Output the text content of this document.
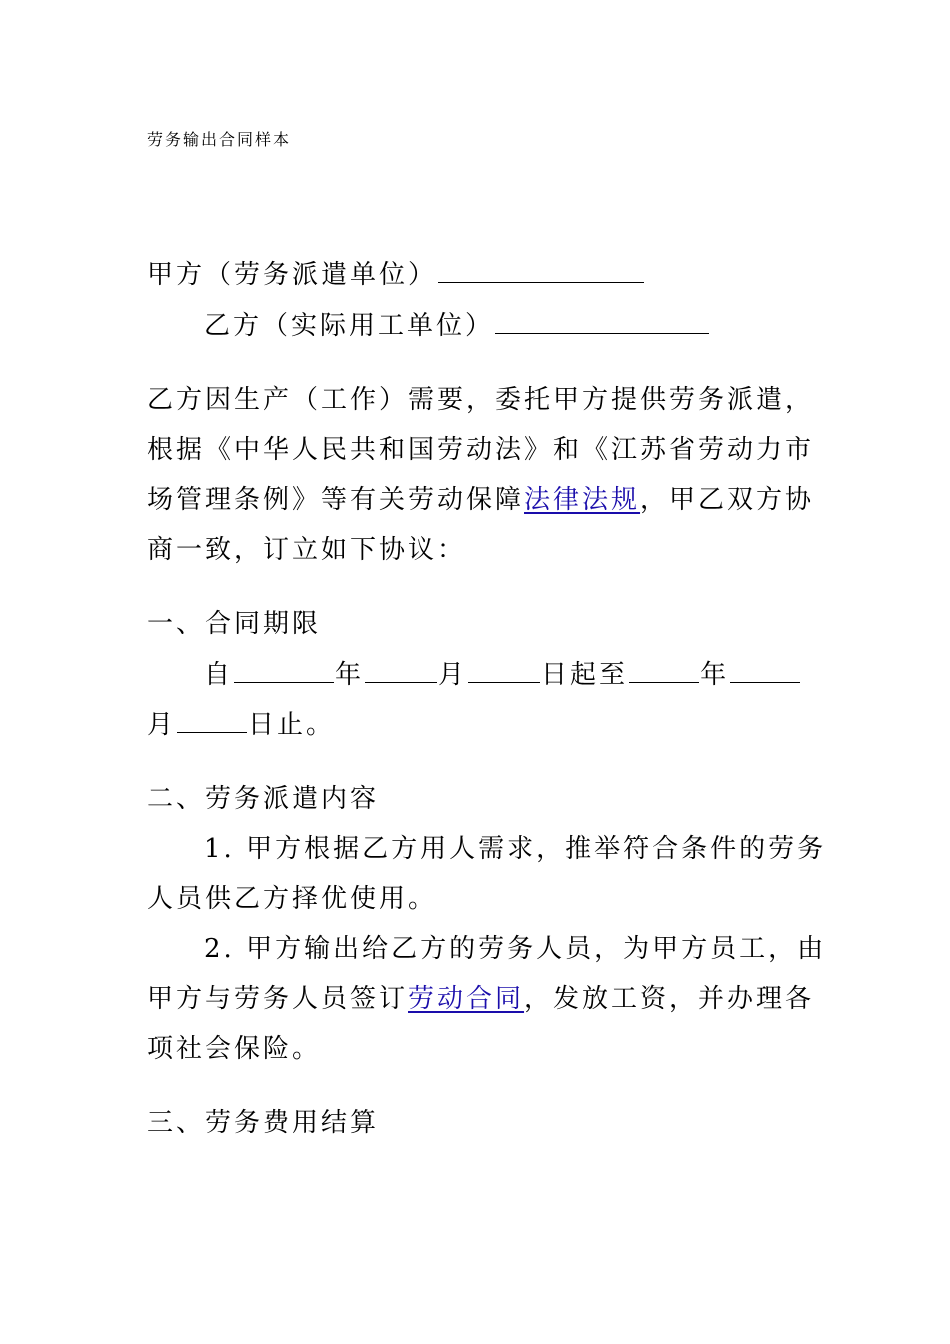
劳务输出合同样本
甲方（劳务派遣单位）
乙方（实际用工单位）
乙方因生产（工作）需要，委托甲方提供劳务派遣，
根据《中华人民共和国劳动法》和《江苏省劳动力市
场管理条例》等有关劳动保障法律法规，甲乙双方协
商一致，订立如下协议：
一、合同期限
自	年	月	日起至	年
月	日止。
二、劳务派遣内容
1. 甲方根据乙方用人需求，推举符合条件的劳务
人员供乙方择优使用。
2. 甲方输出给乙方的劳务人员，为甲方员工，由
甲方与劳务人员签订劳动合同，发放工资，并办理各
项社会保险。
三、劳务费用结算
